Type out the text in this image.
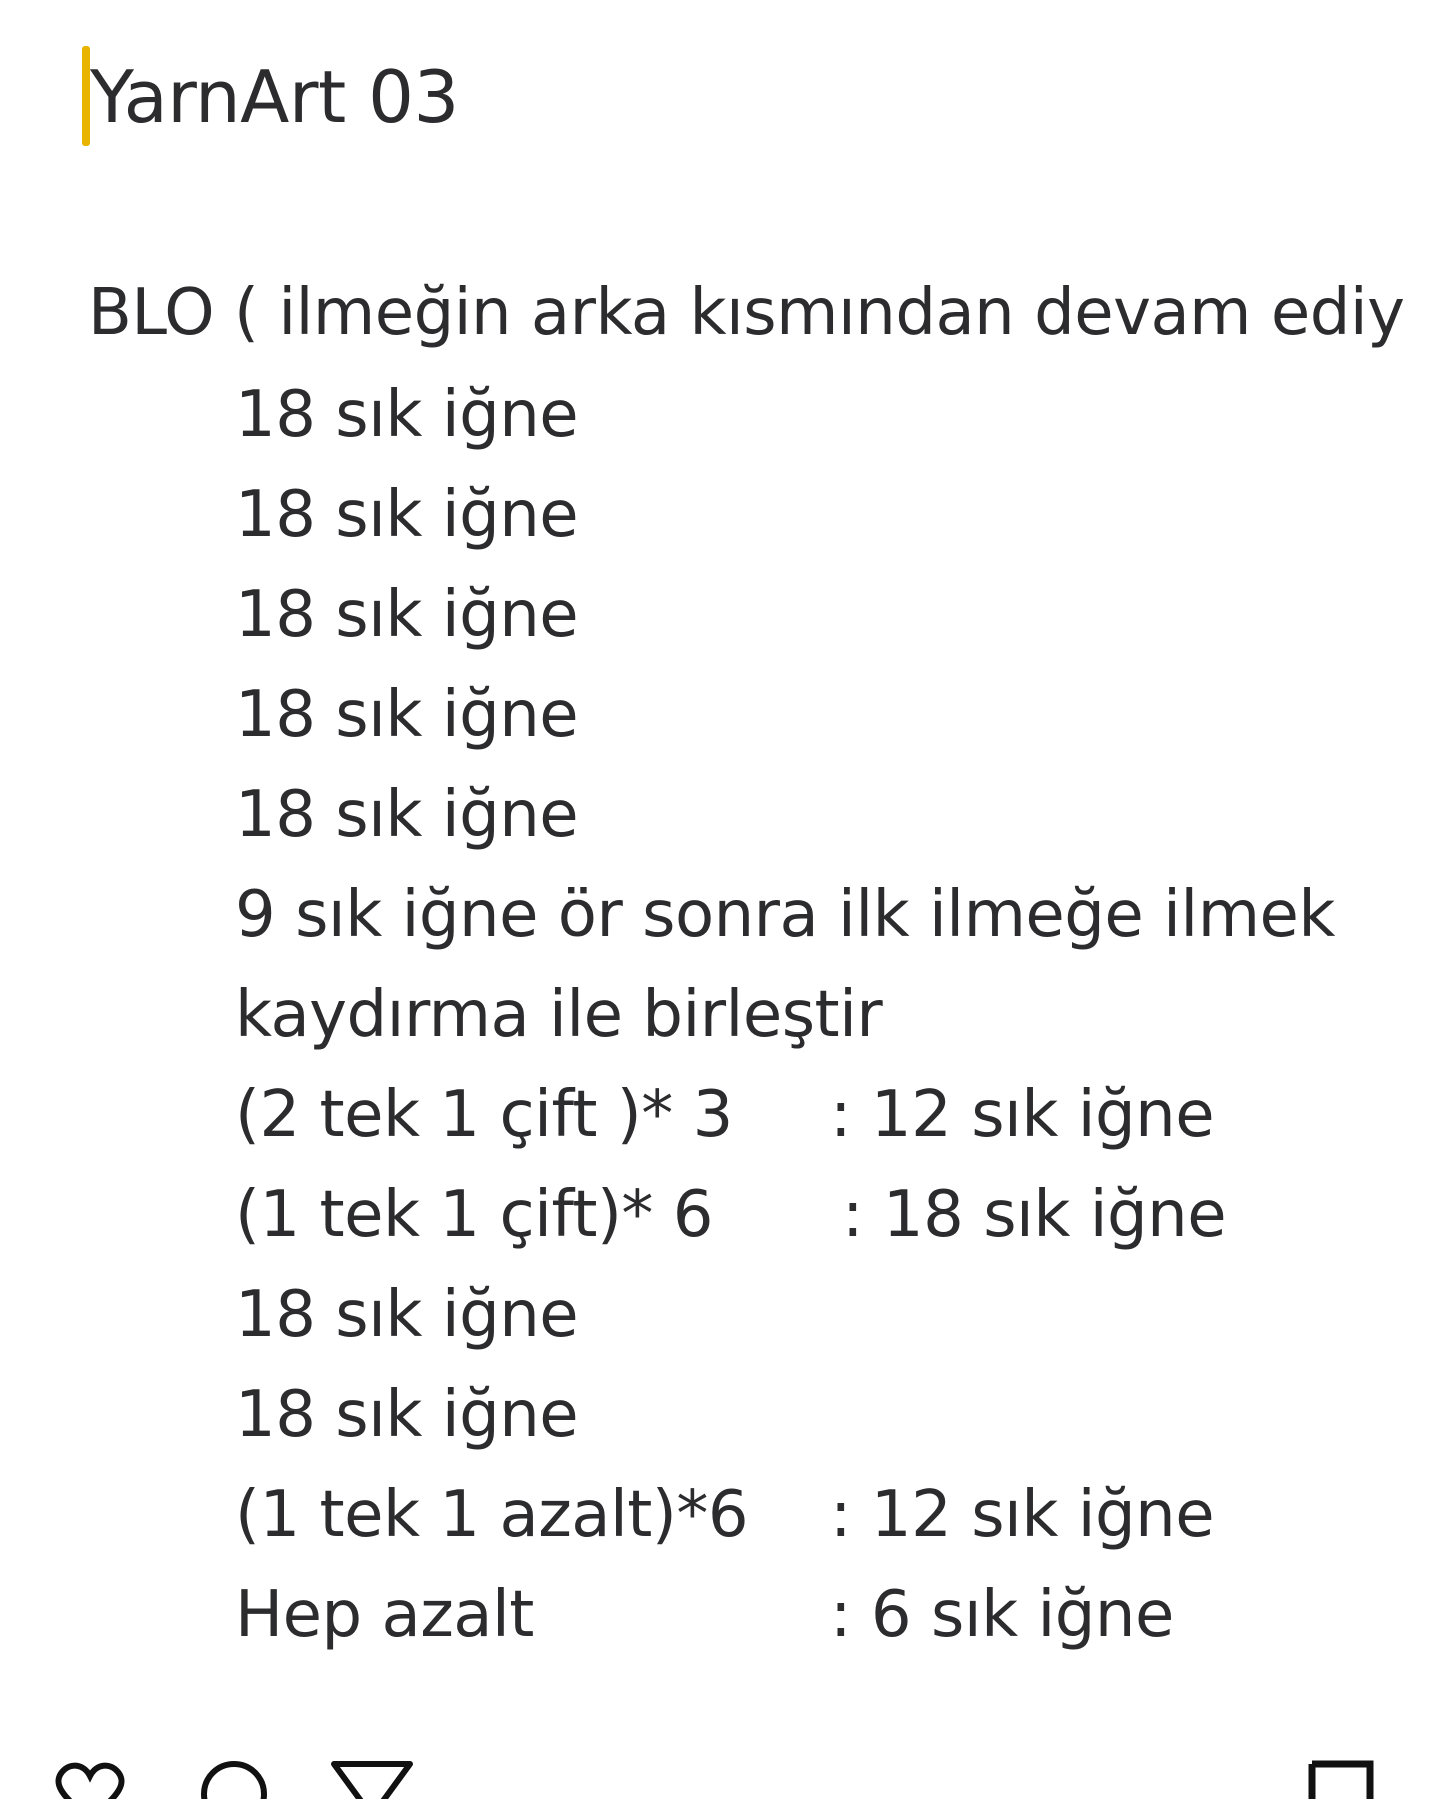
YarnArt 03
BLO ( ilmeğin arka kısmından devam ediy
18 sık iğne
18 sık iğne
18 sık iğne
18 sık iğne
18 sık iğne
9 sık iğne ör sonra ilk ilmeğe ilmek
kaydırma ile birleştir
(2 tek 1 çift )* 3 : 12 sık iğne
(1 tek 1 çift)* 6 : 18 sık iğne
18 sık iğne
18 sık iğne
(1 tek 1 azalt)*6 : 12 sık iğne
Hep azalt	: 6 sık iğne
